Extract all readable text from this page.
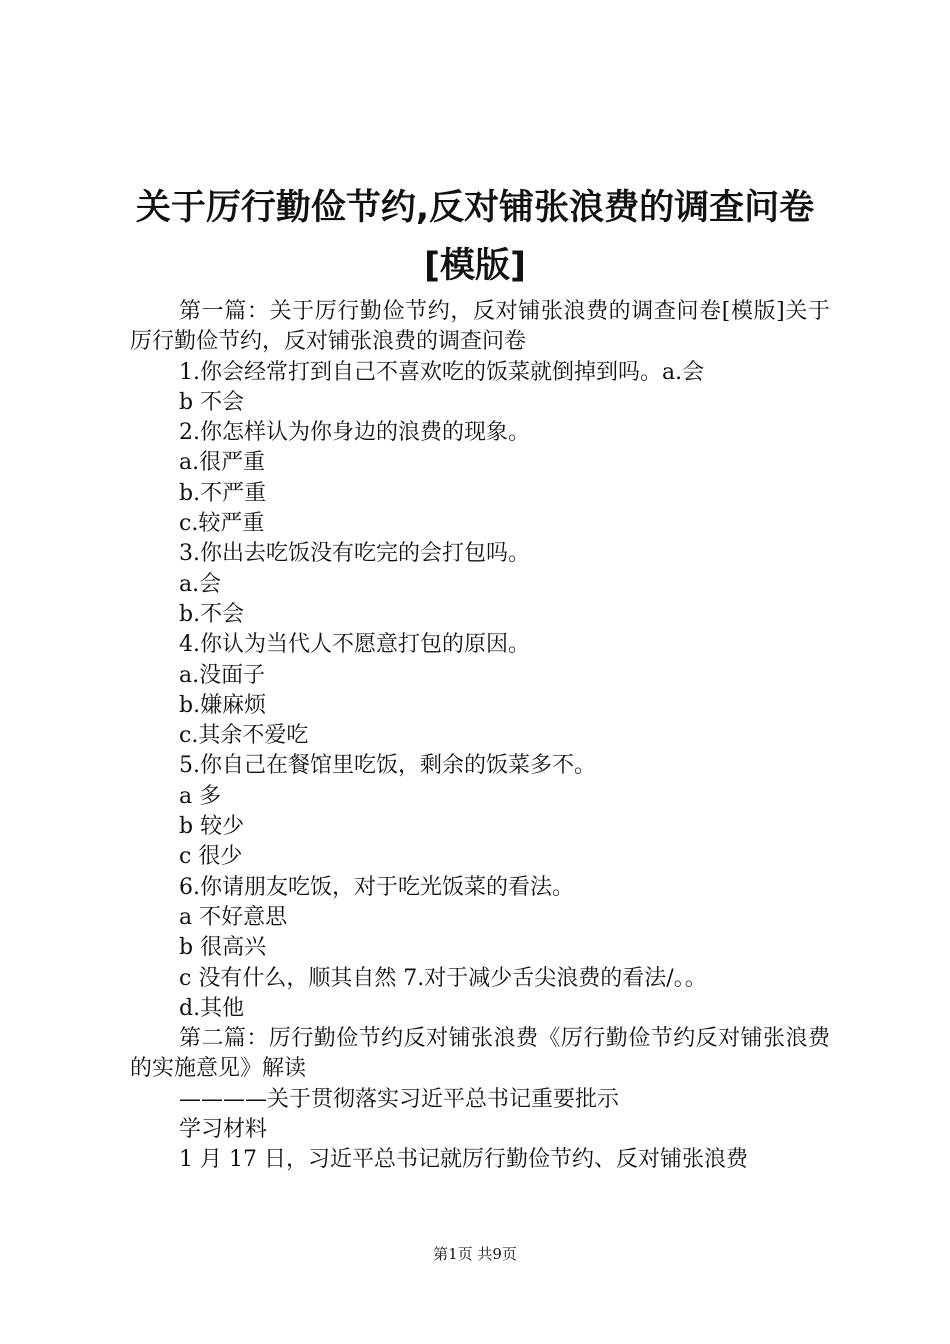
关于厉行勤俭节约,反对铺张浪费的调查问卷
[模版]

第一篇：关于厉行勤俭节约，反对铺张浪费的调查问卷[模版]关于厉行勤俭节约，反对铺张浪费的调查问卷

1.你会经常打到自己不喜欢吃的饭菜就倒掉到吗。a.会

b 不会

2.你怎样认为你身边的浪费的现象。

a.很严重

b.不严重

c.较严重

3.你出去吃饭没有吃完的会打包吗。

a.会

b.不会

4.你认为当代人不愿意打包的原因。

a.没面子

b.嫌麻烦

c.其余不爱吃

5.你自己在餐馆里吃饭，剩余的饭菜多不。

a 多

b 较少

c 很少

6.你请朋友吃饭，对于吃光饭菜的看法。

a 不好意思

b 很高兴

c 没有什么，顺其自然 7.对于减少舌尖浪费的看法/。。

d.其他

第二篇：厉行勤俭节约反对铺张浪费《厉行勤俭节约反对铺张浪费的实施意见》解读

————关于贯彻落实习近平总书记重要批示

学习材料

1 月 17 日，习近平总书记就厉行勤俭节约、反对铺张浪费

第1页 共9页
